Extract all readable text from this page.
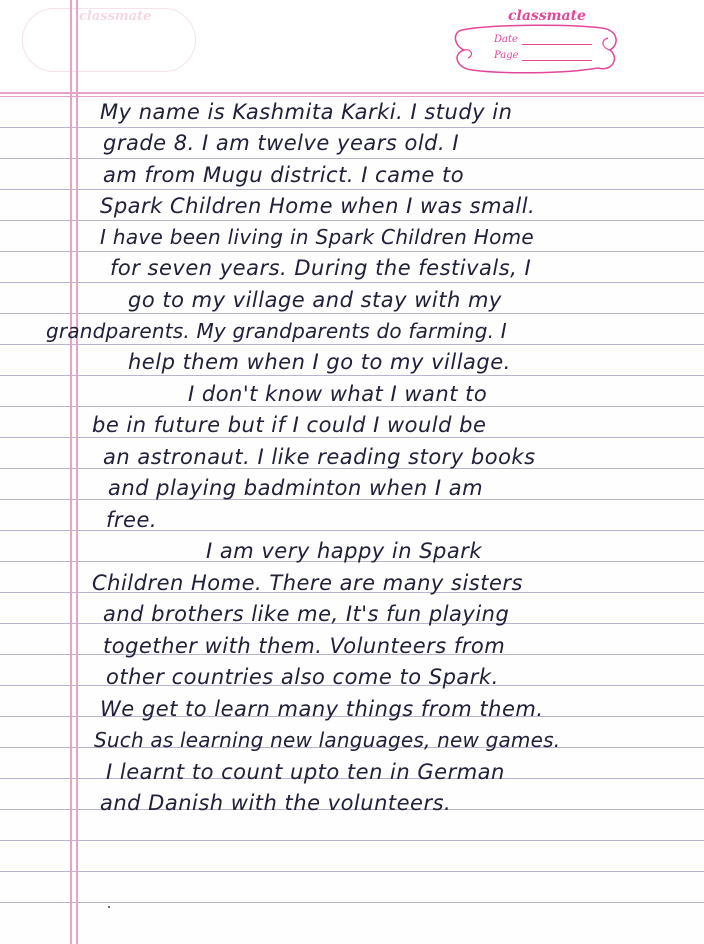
classmate	classmate
Date
Page

My name is Kashmita Karki. I study in

grade 8. I am twelve years old. I

am from Mugu district. I came to

Spark Children Home when I was small.

I have been living in Spark Children Home

for seven years. During the festivals, I

go to my village and stay with my

grandparents. My grandparents do farming. I

help them when I go to my village.

I don't know what I want to

be in future but if I could I would be

an astronaut. I like reading story books

and playing badminton when I am

free.

I am very happy in Spark

Children Home. There are many sisters

and brothers like me, It's fun playing

together with them. Volunteers from

other countries also come to Spark.

We get to learn many things from them.

Such as learning new languages, new games.

I learnt to count upto ten in German

and Danish with the volunteers.
